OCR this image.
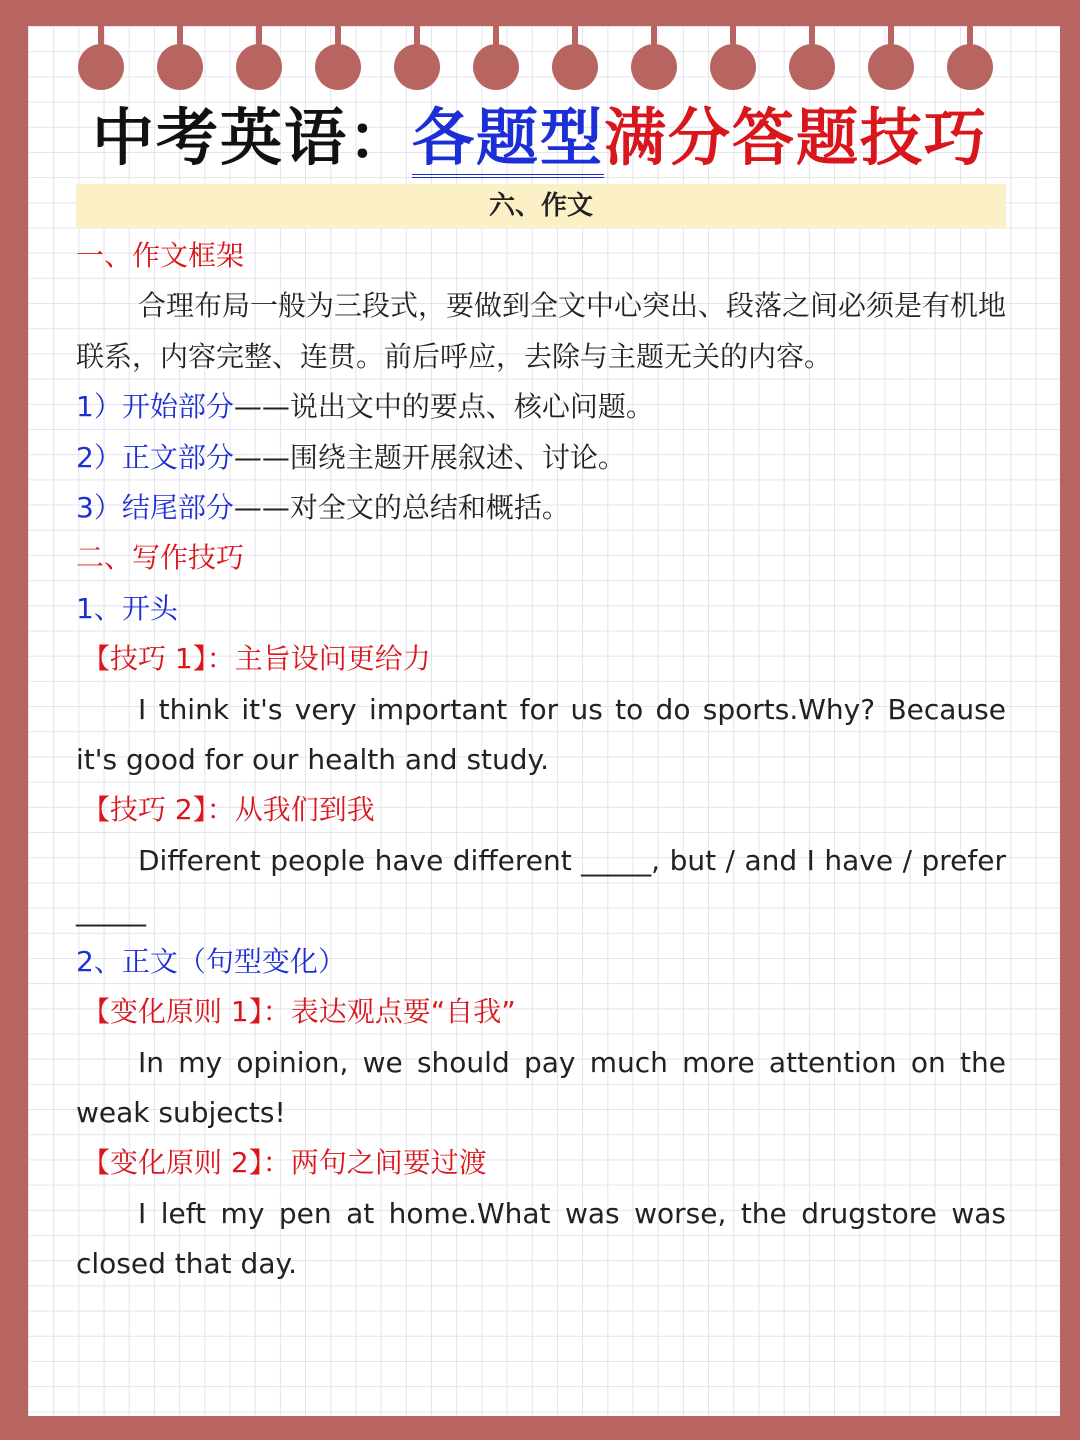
中考英语：各题型满分答题技巧
六、作文

一、作文框架

合理布局一般为三段式，要做到全文中心突出、段落之间必须是有机地联系，内容完整、连贯。前后呼应，去除与主题无关的内容。

1）开始部分——说出文中的要点、核心问题。

2）正文部分——围绕主题开展叙述、讨论。

3）结尾部分——对全文的总结和概括。

二、写作技巧

1、开头

【技巧 1】：主旨设问更给力

I think it's very important for us to do sports.Why? Because it's good for our health and study.

【技巧 2】：从我们到我

Different people have different _____, but / and I have / prefer _____

2、正文（句型变化）

【变化原则 1】：表达观点要“自我”

In my opinion, we should pay much more attention on the weak subjects!

【变化原则 2】：两句之间要过渡

I left my pen at home.What was worse, the drugstore was closed that day.
